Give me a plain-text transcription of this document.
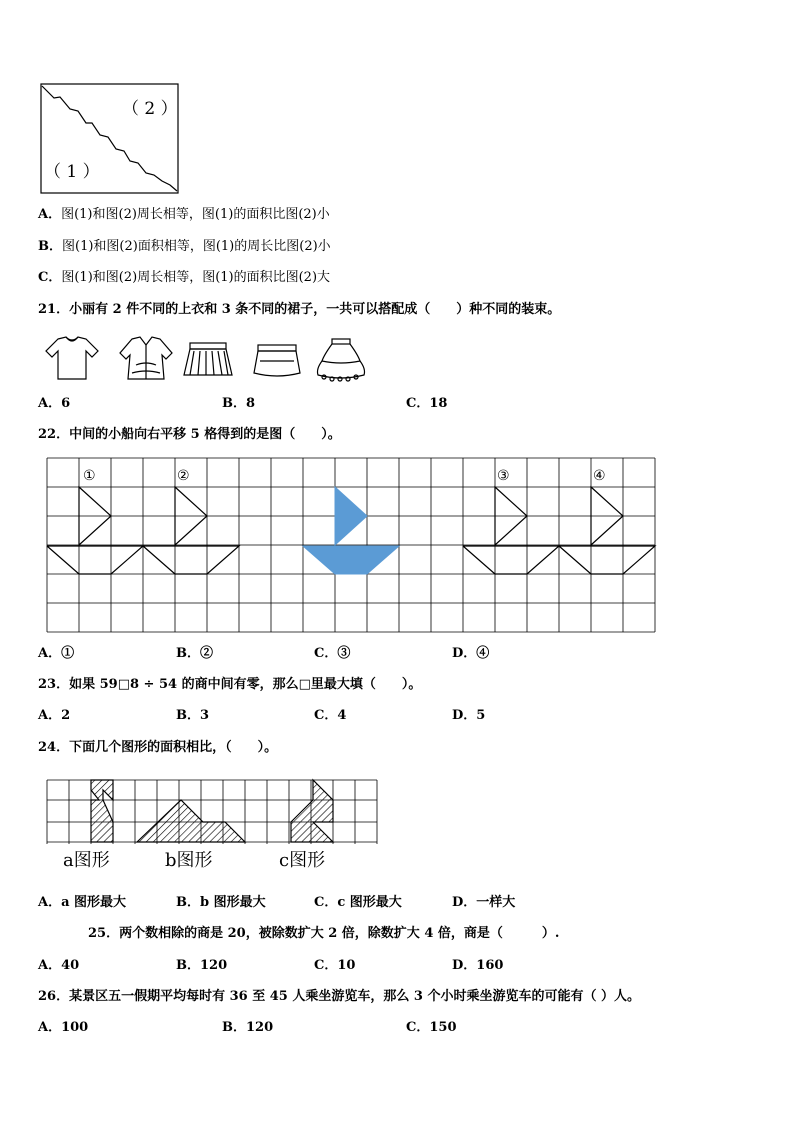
（ 2 ）
（ 1 ）
A．图(1)和图(2)周长相等，图(1)的面积比图(2)小
B．图(1)和图(2)面积相等，图(1)的周长比图(2)小
C．图(1)和图(2)周长相等，图(1)的面积比图(2)大
21．小丽有 2 件不同的上衣和 3 条不同的裙子，一共可以搭配成（　　）种不同的装束。
A．6	B．8	C．18
22．中间的小船向右平移 5 格得到的是图（　　）。
①	②	③	④
A．①	B．②	C．③	D．④
23．如果 59□8 ÷ 54 的商中间有零，那么□里最大填（　　）。
A．2	B．3	C．4	D．5
24．下面几个图形的面积相比，（　　）。
a图形	b图形	c图形
A．a 图形最大	B．b 图形最大	C．c 图形最大	D．一样大
25．两个数相除的商是 20，被除数扩大 2 倍，除数扩大 4 倍，商是（　　　）.
A．40	B．120	C．10	D．160
26．某景区五一假期平均每时有 36 至 45 人乘坐游览车，那么 3 个小时乘坐游览车的可能有（ ）人。
A．100	B．120	C．150
